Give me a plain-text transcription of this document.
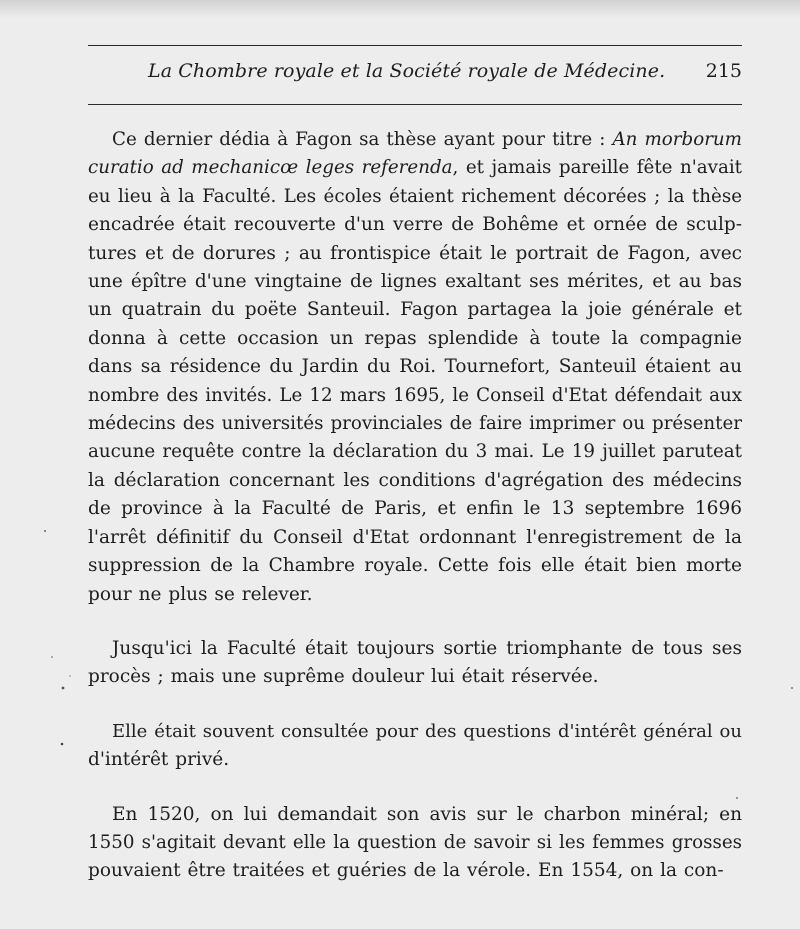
La Chombre royale et la Société royale de Médecine. 215

Ce dernier dédia à Fagon sa thèse ayant pour titre : An morborum
curatio ad mechanicœ leges referenda, et jamais pareille fête n'avait
eu lieu à la Faculté. Les écoles étaient richement décorées ; la thèse
encadrée était recouverte d'un verre de Bohême et ornée de sculp-
tures et de dorures ; au frontispice était le portrait de Fagon, avec
une épître d'une vingtaine de lignes exaltant ses mérites, et au bas
un quatrain du poëte Santeuil. Fagon partagea la joie générale et
donna à cette occasion un repas splendide à toute la compagnie
dans sa résidence du Jardin du Roi. Tournefort, Santeuil étaient au
nombre des invités. Le 12 mars 1695, le Conseil d'Etat défendait aux
médecins des universités provinciales de faire imprimer ou présenter
aucune requête contre la déclaration du 3 mai. Le 19 juillet paruteat
la déclaration concernant les conditions d'agrégation des médecins
de province à la Faculté de Paris, et enfin le 13 septembre 1696
l'arrêt définitif du Conseil d'Etat ordonnant l'enregistrement de la
suppression de la Chambre royale. Cette fois elle était bien morte
pour ne plus se relever.

Jusqu'ici la Faculté était toujours sortie triomphante de tous ses
procès ; mais une suprême douleur lui était réservée.

Elle était souvent consultée pour des questions d'intérêt général ou
d'intérêt privé.

En 1520, on lui demandait son avis sur le charbon minéral; en
1550 s'agitait devant elle la question de savoir si les femmes grosses
pouvaient être traitées et guéries de la vérole. En 1554, on la con-
